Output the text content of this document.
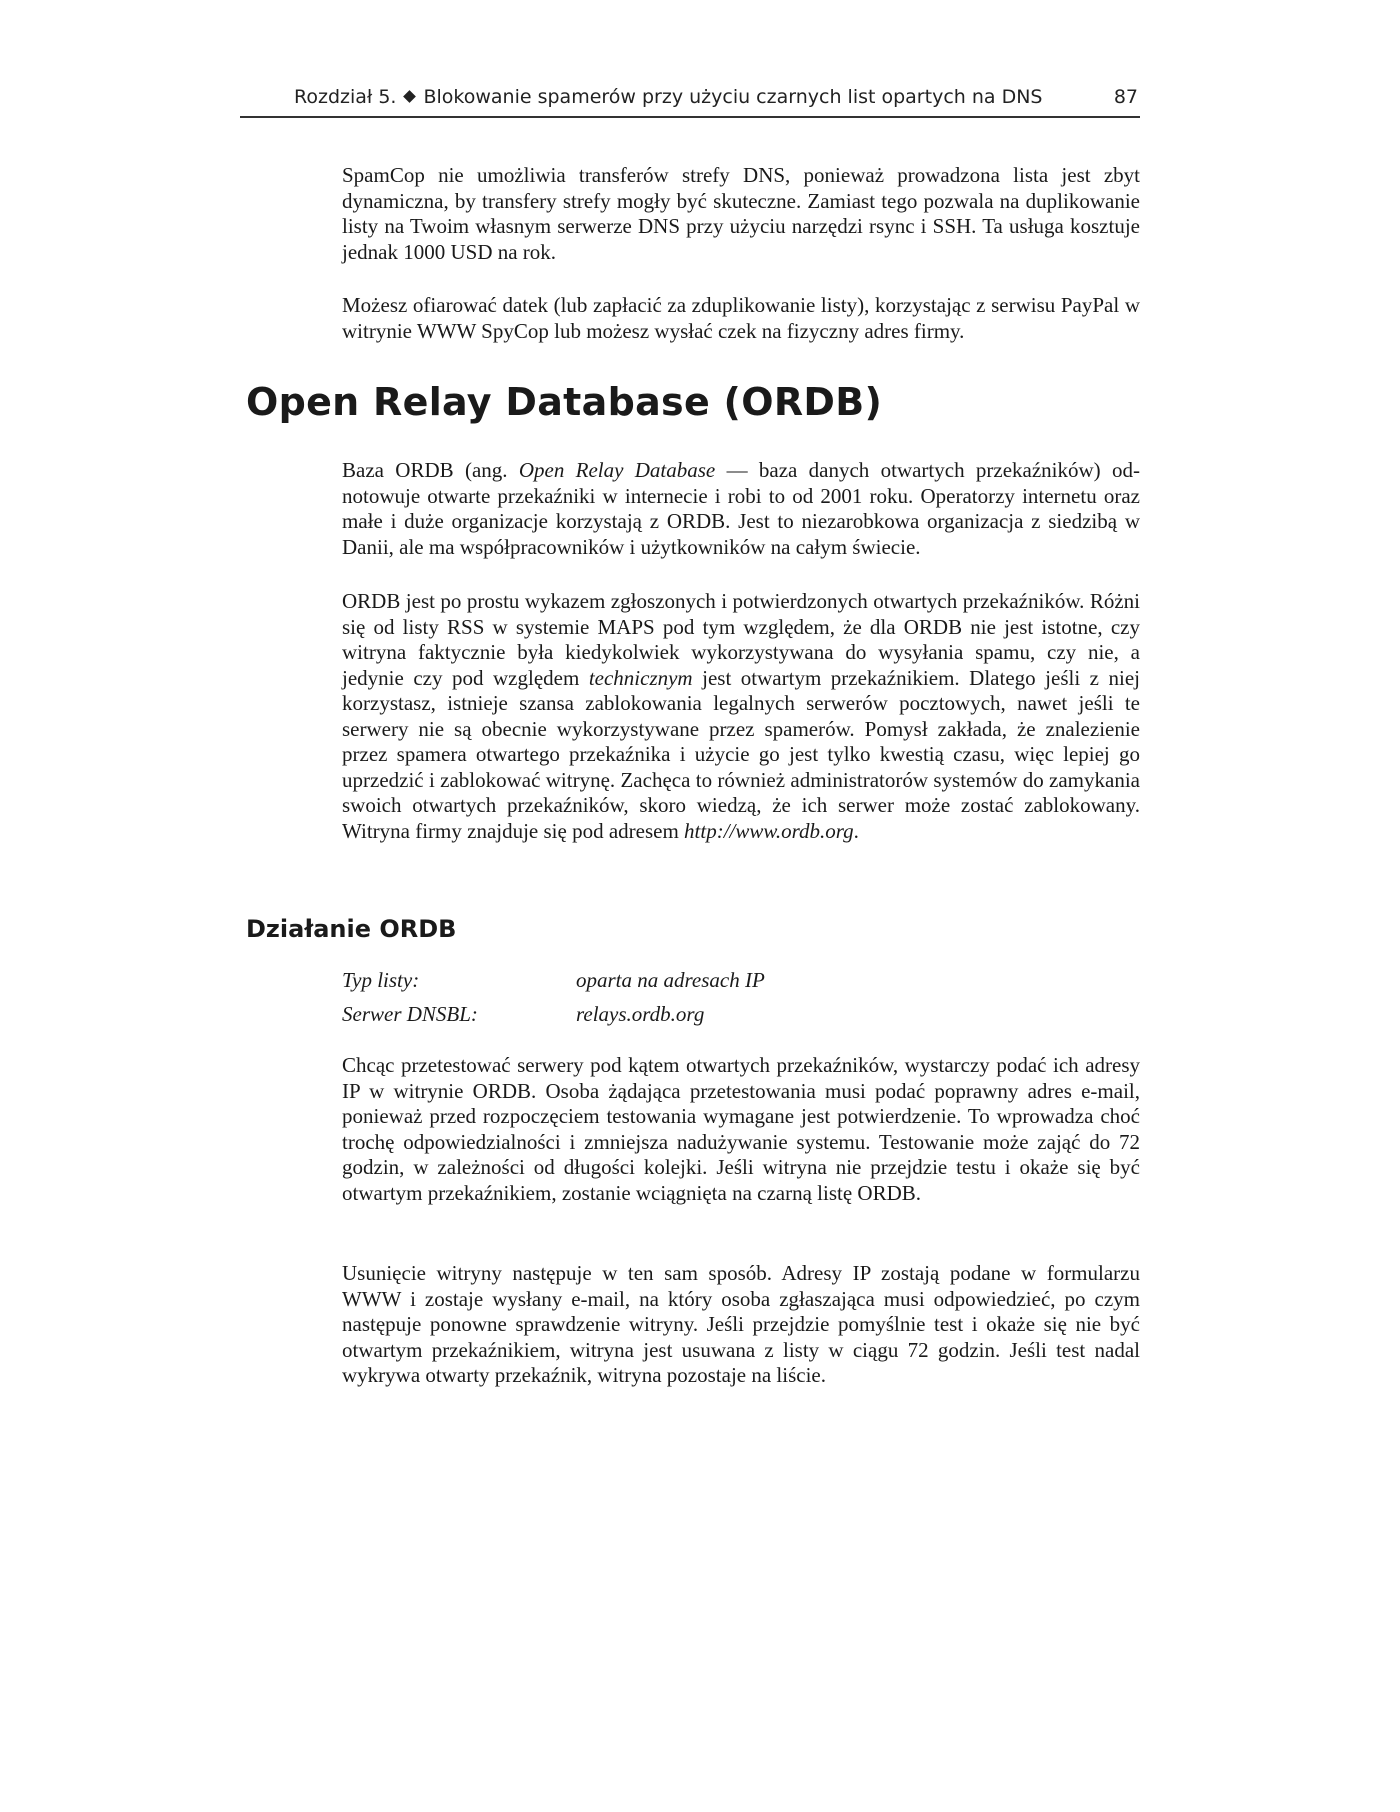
Rozdział 5. Blokowanie spamerów przy użyciu czarnych list opartych na DNS	87

SpamCop nie umożliwia transferów strefy DNS, ponieważ prowadzona lista jest zbyt dynamiczna, by transfery strefy mogły być skuteczne. Zamiast tego pozwala na duplikowanie listy na Twoim własnym serwerze DNS przy użyciu narzędzi rsync i SSH. Ta usługa kosztuje jednak 1000 USD na rok.

Możesz ofiarować datek (lub zapłacić za zduplikowanie listy), korzystając z serwisu PayPal w witrynie WWW SpyCop lub możesz wysłać czek na fizyczny adres firmy.

Open Relay Database (ORDB)

Baza ORDB (ang. Open Relay Database — baza danych otwartych przekaźników) odnotowuje otwarte przekaźniki w internecie i robi to od 2001 roku. Operatorzy internetu oraz małe i duże organizacje korzystają z ORDB. Jest to niezarobkowa organizacja z siedzibą w Danii, ale ma współpracowników i użytkowników na całym świecie.

ORDB jest po prostu wykazem zgłoszonych i potwierdzonych otwartych przekaźników. Różni się od listy RSS w systemie MAPS pod tym względem, że dla ORDB nie jest istotne, czy witryna faktycznie była kiedykolwiek wykorzystywana do wysyłania spamu, czy nie, a jedynie czy pod względem technicznym jest otwartym przekaźnikiem. Dlatego jeśli z niej korzystasz, istnieje szansa zablokowania legalnych serwerów pocztowych, nawet jeśli te serwery nie są obecnie wykorzystywane przez spamerów. Pomysł zakłada, że znalezienie przez spamera otwartego przekaźnika i użycie go jest tylko kwestią czasu, więc lepiej go uprzedzić i zablokować witrynę. Zachęca to również administratorów systemów do zamykania swoich otwartych przekaźników, skoro wiedzą, że ich serwer może zostać zablokowany. Witryna firmy znajduje się pod adresem http://www.ordb.org.

Działanie ORDB
Typ listy:	oparta na adresach IP
Serwer DNSBL:	relays.ordb.org

Chcąc przetestować serwery pod kątem otwartych przekaźników, wystarczy podać ich adresy IP w witrynie ORDB. Osoba żądająca przetestowania musi podać poprawny adres e-mail, ponieważ przed rozpoczęciem testowania wymagane jest potwierdzenie. To wprowadza choć trochę odpowiedzialności i zmniejsza nadużywanie systemu. Testowanie może zająć do 72 godzin, w zależności od długości kolejki. Jeśli witryna nie przejdzie testu i okaże się być otwartym przekaźnikiem, zostanie wciągnięta na czarną listę ORDB.

Usunięcie witryny następuje w ten sam sposób. Adresy IP zostają podane w formularzu WWW i zostaje wysłany e-mail, na który osoba zgłaszająca musi odpowiedzieć, po czym następuje ponowne sprawdzenie witryny. Jeśli przejdzie pomyślnie test i okaże się nie być otwartym przekaźnikiem, witryna jest usuwana z listy w ciągu 72 godzin. Jeśli test nadal wykrywa otwarty przekaźnik, witryna pozostaje na liście.
